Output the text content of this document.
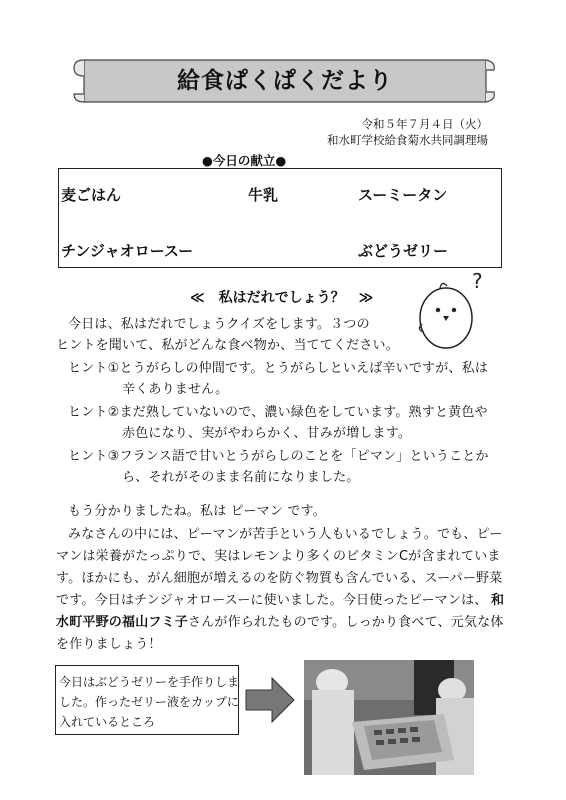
給食ぱくぱくだより
令和５年７月４日（火）
和水町学校給食菊水共同調理場
●今日の献立●
麦ごはん	牛乳	スーミータン
チンジャオロースー	ぶどうゼリー
≪　私はだれでしょう？　≫
?
今日は、私はだれでしょうクイズをします。３つの
ヒントを聞いて、私がどんな食べ物か、当ててください。
ヒント①とうがらしの仲間です。とうがらしといえば辛いですが、私は
辛くありません。
ヒント②まだ熟していないので、濃い緑色をしています。熟すと黄色や
赤色になり、実がやわらかく、甘みが増します。
ヒント③フランス語で甘いとうがらしのことを「ピマン」ということか
ら、それがそのまま名前になりました。
もう分かりましたね。私は ピーマン です。
みなさんの中には、ピーマンが苦手という人もいるでしょう。でも、ピー
マンは栄養がたっぷりで、実はレモンより多くのビタミンCが含まれていま
す。ほかにも、がん細胞が増えるのを防ぐ物質も含んでいる、スーパー野菜
です。今日はチンジャオロースーに使いました。今日使ったピーマンは、 和
水町平野の福山フミ子さんが作られたものです。しっかり食べて、元気な体
を作りましょう！
今日はぶどうゼリーを手作りしま
した。作ったゼリー液をカップに
入れているところ
